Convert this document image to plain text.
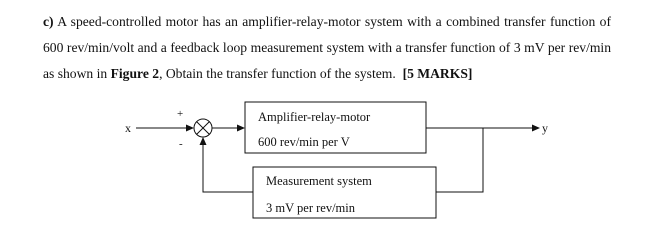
c) A speed-controlled motor has an amplifier-relay-motor system with a combined transfer function of 600 rev/min/volt and a feedback loop measurement system with a transfer function of 3 mV per rev/min as shown in Figure 2, Obtain the transfer function of the system. [5 MARKS]
x
+
-
Amplifier-relay-motor
600 rev/min per V
y
Measurement system
3 mV per rev/min
